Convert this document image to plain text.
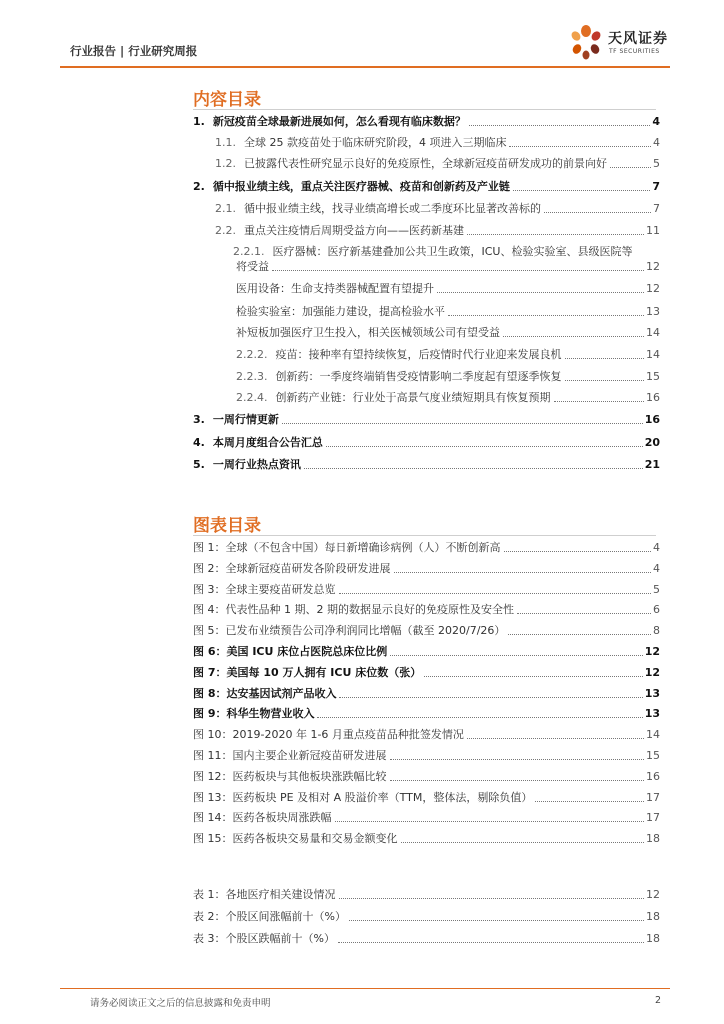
行业报告 | 行业研究周报
天风证券
TF SECURITIES
内容目录
1. 新冠疫苗全球最新进展如何，怎么看现有临床数据？	4
1.1. 全球 25 款疫苗处于临床研究阶段，4 项进入三期临床	4
1.2. 已披露代表性研究显示良好的免疫原性，全球新冠疫苗研发成功的前景向好	5
2. 循中报业绩主线，重点关注医疗器械、疫苗和创新药及产业链	7
2.1. 循中报业绩主线，找寻业绩高增长或二季度环比显著改善标的	7
2.2. 重点关注疫情后周期受益方向——医药新基建	11
2.2.1. 医疗器械：医疗新基建叠加公共卫生政策，ICU、检验实验室、县级医院等
将受益	12
医用设备：生命支持类器械配置有望提升	12
检验实验室：加强能力建设，提高检验水平	13
补短板加强医疗卫生投入，相关医械领域公司有望受益	14
2.2.2. 疫苗：接种率有望持续恢复，后疫情时代行业迎来发展良机	14
2.2.3. 创新药：一季度终端销售受疫情影响二季度起有望逐季恢复	15
2.2.4. 创新药产业链：行业处于高景气度业绩短期具有恢复预期	16
3. 一周行情更新	16
4. 本周月度组合公告汇总	20
5. 一周行业热点资讯	21
图表目录
图 1：全球（不包含中国）每日新增确诊病例（人）不断创新高	4
图 2：全球新冠疫苗研发各阶段研发进展	4
图 3：全球主要疫苗研发总览	5
图 4：代表性品种 1 期、2 期的数据显示良好的免疫原性及安全性	6
图 5：已发布业绩预告公司净利润同比增幅（截至 2020/7/26）	8
图 6：美国 ICU 床位占医院总床位比例	12
图 7：美国每 10 万人拥有 ICU 床位数（张）	12
图 8：达安基因试剂产品收入	13
图 9：科华生物营业收入	13
图 10：2019-2020 年 1-6 月重点疫苗品种批签发情况	14
图 11：国内主要企业新冠疫苗研发进展	15
图 12：医药板块与其他板块涨跌幅比较	16
图 13：医药板块 PE 及相对 A 股溢价率（TTM，整体法，剔除负值）	17
图 14：医药各板块周涨跌幅	17
图 15：医药各板块交易量和交易金额变化	18
表 1：各地医疗相关建设情况	12
表 2：个股区间涨幅前十（%）	18
表 3：个股区跌幅前十（%）	18
请务必阅读正文之后的信息披露和免责申明	2
